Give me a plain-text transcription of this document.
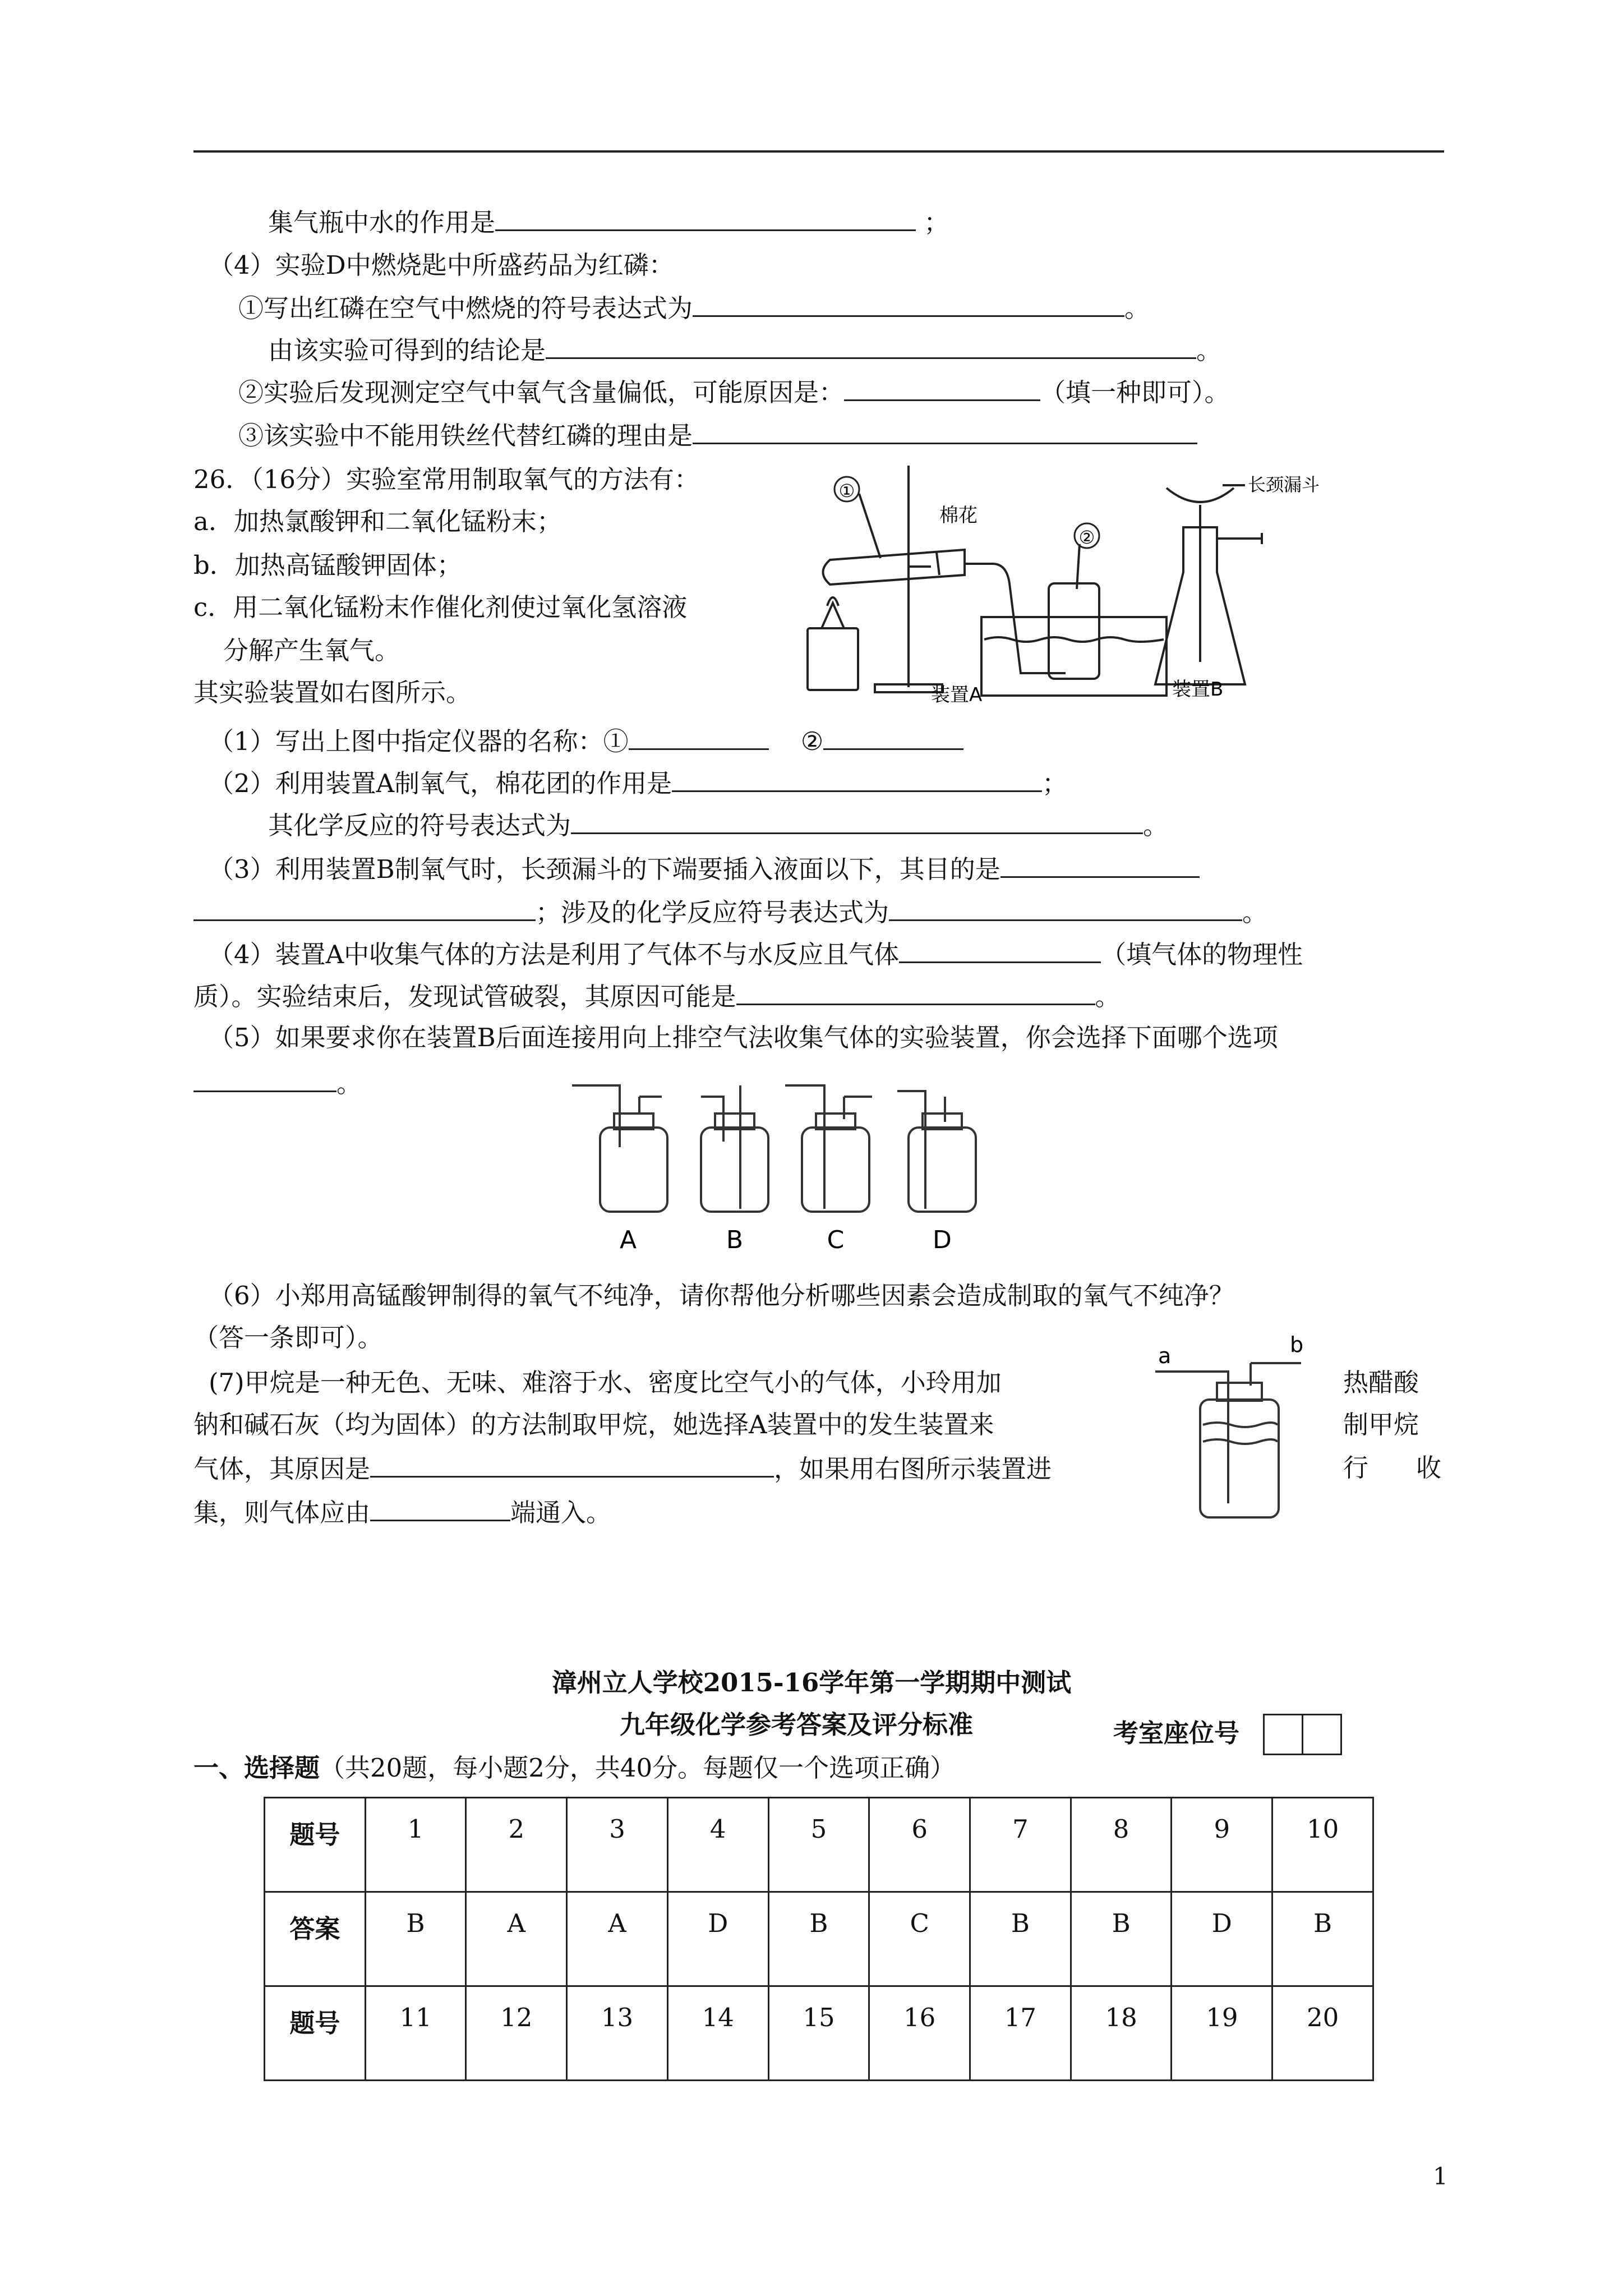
集气瓶中水的作用是	；
（4）实验D中燃烧匙中所盛药品为红磷：
①写出红磷在空气中燃烧的符号表达式为	。
由该实验可得到的结论是	。
②实验后发现测定空气中氧气含量偏低，可能原因是：	（填一种即可）。
③该实验中不能用铁丝代替红磷的理由是
26．（16分）实验室常用制取氧气的方法有：
a．加热氯酸钾和二氧化锰粉末；
b．加热高锰酸钾固体；
c．用二氧化锰粉末作催化剂使过氧化氢溶液
分解产生氧气。
其实验装置如右图所示。
①
②
棉花
长颈漏斗
装置A	装置B
（1）写出上图中指定仪器的名称：①	②
（2）利用装置A制氧气，棉花团的作用是	；
其化学反应的符号表达式为	。
（3）利用装置B制氧气时，长颈漏斗的下端要插入液面以下，其目的是
；涉及的化学反应符号表达式为	。
（4）装置A中收集气体的方法是利用了气体不与水反应且气体	（填气体的物理性
质）。实验结束后，发现试管破裂，其原因可能是	。
（5）如果要求你在装置B后面连接用向上排空气法收集气体的实验装置，你会选择下面哪个选项
。
A	B	C	D
（6）小郑用高锰酸钾制得的氧气不纯净，请你帮他分析哪些因素会造成制取的氧气不纯净？
（答一条即可）。
(7)甲烷是一种无色、无味、难溶于水、密度比空气小的气体，小玲用加	热醋酸
钠和碱石灰（均为固体）的方法制取甲烷，她选择A装置中的发生装置来	制甲烷
气体，其原因是	，如果用右图所示装置进	行 收
集，则气体应由	端通入。
a	b
漳州立人学校2015-16学年第一学期期中测试
九年级化学参考答案及评分标准	考室座位号
一、选择题（共20题，每小题2分，共40分。每题仅一个选项正确）
题号	1	2	3	4	5	6	7	8	9	10
答案	B	A	A	D	B	C	B	B	D	B
题号	11	12	13	14	15	16	17	18	19	20
1
